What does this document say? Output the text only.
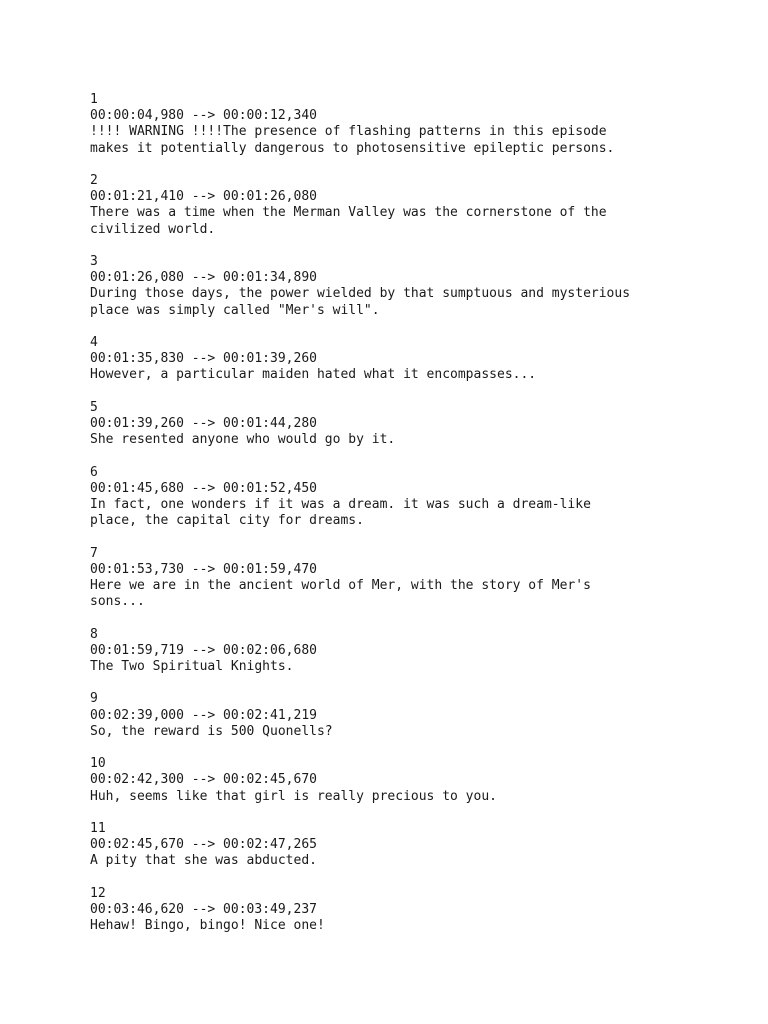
1
00:00:04,980 --> 00:00:12,340
!!!! WARNING !!!!The presence of flashing patterns in this episode
makes it potentially dangerous to photosensitive epileptic persons.
2
00:01:21,410 --> 00:01:26,080
There was a time when the Merman Valley was the cornerstone of the
civilized world.
3
00:01:26,080 --> 00:01:34,890
During those days, the power wielded by that sumptuous and mysterious
place was simply called "Mer's will".
4
00:01:35,830 --> 00:01:39,260
However, a particular maiden hated what it encompasses...
5
00:01:39,260 --> 00:01:44,280
She resented anyone who would go by it.
6
00:01:45,680 --> 00:01:52,450
In fact, one wonders if it was a dream. it was such a dream-like
place, the capital city for dreams.
7
00:01:53,730 --> 00:01:59,470
Here we are in the ancient world of Mer, with the story of Mer's
sons...
8
00:01:59,719 --> 00:02:06,680
The Two Spiritual Knights.
9
00:02:39,000 --> 00:02:41,219
So, the reward is 500 Quonells?
10
00:02:42,300 --> 00:02:45,670
Huh, seems like that girl is really precious to you.
11
00:02:45,670 --> 00:02:47,265
A pity that she was abducted.
12
00:03:46,620 --> 00:03:49,237
Hehaw! Bingo, bingo! Nice one!
